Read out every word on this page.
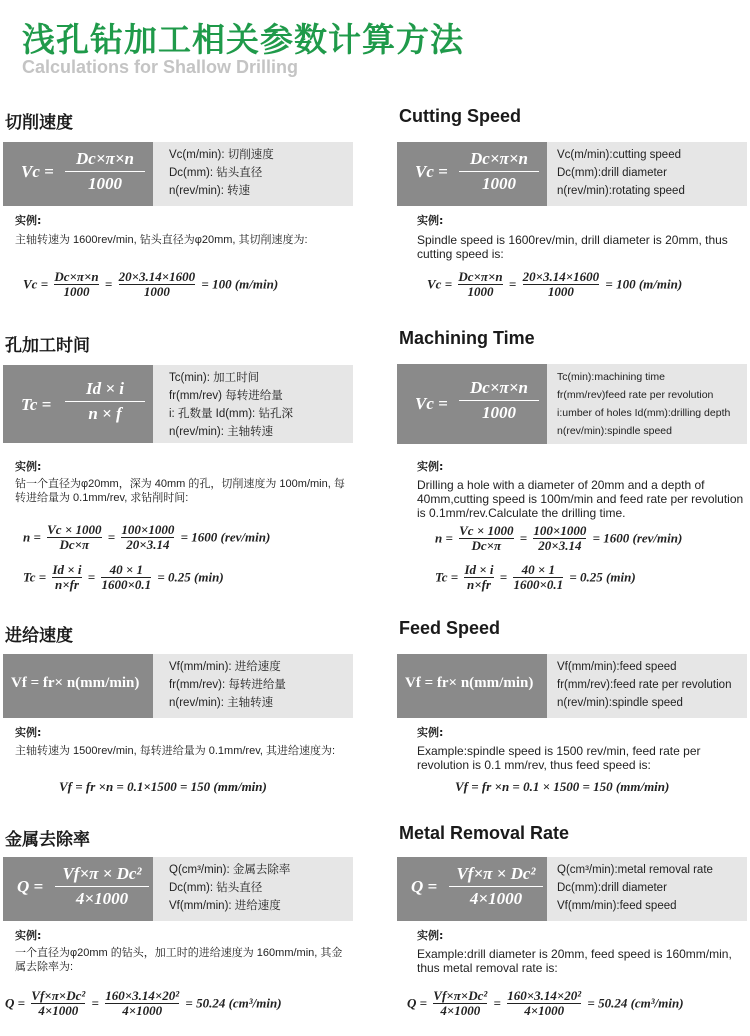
浅孔钻加工相关参数计算方法
Calculations for Shallow Drilling
切削速度
$Vc = \frac{Dc\times\pi\times n}{1000} Vc(m/\min)$: 切削速度
Dc(mm): 钻头直径
n(rev/min): 转速
实例:
主轴转速为 1600rev/min, 钻头直径为φ20mm, 其切削速度为:
$Vc = \frac{Dc\times\pi\times n}{1000} = \frac{20\times 3.14\times 1600}{1000} = 100$ (m/min)
孔加工时间
$Tc = \frac{Id \times i}{n \times f}$
Tc(min): 加工时间
fr(mm/rev) 每转进给量
i: 孔数量 Id(mm): 钻孔深
n(rev/min): 主轴转速
实例:
钻一个直径为φ20mm，深为 40mm 的孔，切削速度为 100m/min, 每转进给量为 0.1mm/rev, 求钻削时间:
$n = \frac{Vc \times 1000}{Dc\times\pi} = \frac{100\times 1000}{20\times 3.14} = 1600$ (rev/min)
$Tc = \frac{Id \times i}{n\times fr} = \frac{40 \times 1}{1600\times 0.1} = 0.25$ (min)
进给速度
Vf = fr× n(mm/min)
Vf(mm/min): 进给速度
fr(mm/rev): 每转进给量
n(rev/min): 主轴转速
实例:
主轴转速为 1500rev/min, 每转进给量为 0.1mm/rev, 其进给速度为:
Vf = fr ×n = 0.1×1500 = 150 (mm/min)
金属去除率
$Q = \frac{\text{Vf×π × Dc²}}{4\times 1000} Q(cm^3/\min)$: 金属去除率
Dc(mm): 钻头直径
Vf(mm/min): 进给速度
实例:
一个直径为φ20mm 的钻头，加工时的进给速度为 160mm/min, 其金属去除率为:
$Q = \frac{\text{Vf×π×Dc²}}{4\times 1000} = \frac{\text{160×3.14×20²}}{4\times 1000} = 50.24$ (cm³/min)
Cutting Speed
$Vc = \frac{Dc\times\pi\times n}{1000}$ Vc(m/min):cutting speed
Dc(mm):drill diameter
n(rev/min):rotating speed
实例:
Spindle speed is 1600rev/min, drill diameter is 20mm, thus cutting speed is:
$Vc = \frac{Dc\times\pi\times n}{1000} = \frac{20\times 3.14\times 1600}{1000} = 100$ (m/min)
Machining Time
$Vc = \frac{Dc\times\pi\times n}{1000}$
Tc(min):machining time
fr(mm/rev)feed rate per revolution
i:umber of holes Id(mm):drilling depth
n(rev/min):spindle speed
实例:
Drilling a hole with a diameter of 20mm and a depth of 40mm,cutting speed is 100m/min and feed rate per revolution is 0.1mm/rev.Calculate the drilling time.
$n = \frac{Vc \times 1000}{Dc\times\pi} = \frac{100\times 1000}{20\times 3.14} = 1600$ (rev/min)
$Tc = \frac{Id \times i}{n\times fr} = \frac{40 \times 1}{1600\times 0.1} = 0.25$ (min)
Feed Speed
Vf = fr× n(mm/min)
Vf(mm/min):feed speed
fr(mm/rev):feed rate per revolution
n(rev/min):spindle speed
实例:
Example:spindle speed is 1500 rev/min, feed rate per revolution is 0.1 mm/rev, thus feed speed is:
Vf = fr ×n = 0.1 × 1500 = 150 (mm/min)
Metal Removal Rate
$Q = \frac{\text{Vf×π × Dc²}}{4\times 1000}$ Q(cm³/min):metal removal rate
Dc(mm):drill diameter
Vf(mm/min):feed speed
实例:
Example:drill diameter is 20mm, feed speed is 160mm/min, thus metal removal rate is:
$Q = \frac{\text{Vf×π×Dc²}}{4\times 1000} = \frac{\text{160×3.14×20²}}{4\times 1000} = 50.24$ (cm³/min)
